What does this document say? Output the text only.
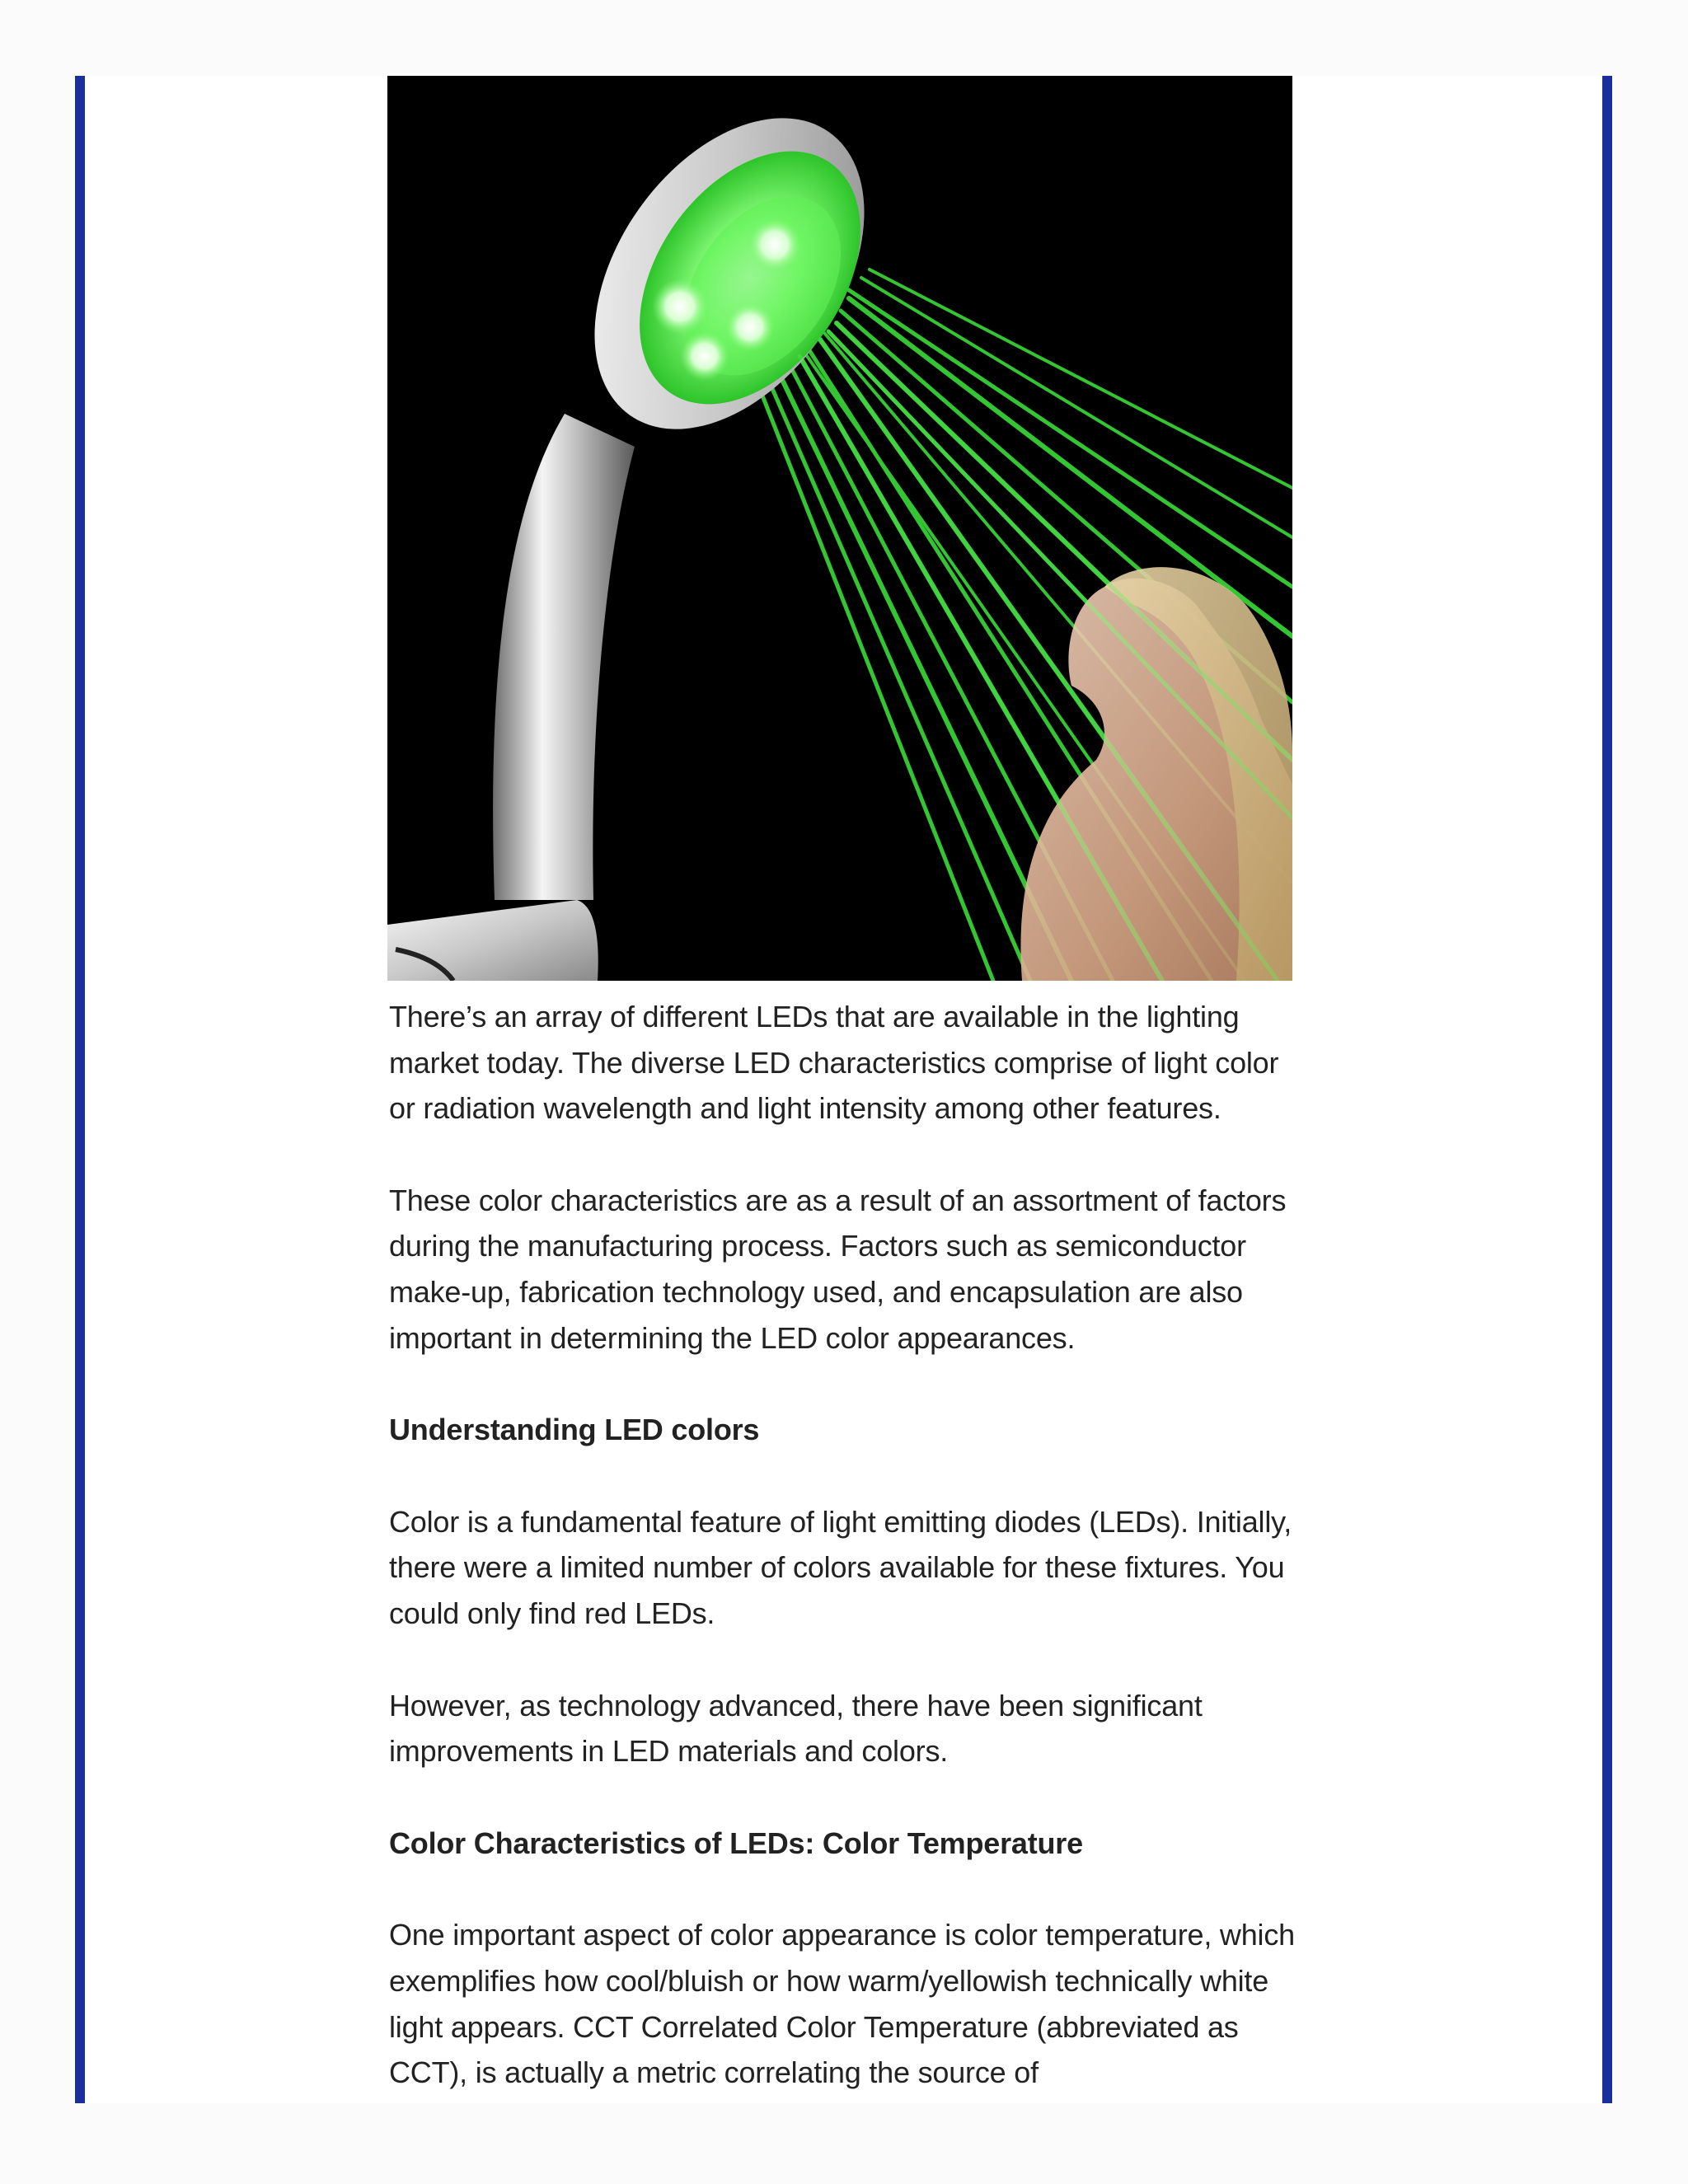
There’s an array of different LEDs that are available in the lighting market today. The diverse LED characteristics comprise of light color or radiation wavelength and light intensity among other features.

These color characteristics are as a result of an assortment of factors during the manufacturing process. Factors such as semiconductor make-up, fabrication technology used, and encapsulation are also important in determining the LED color appearances.

Understanding LED colors

Color is a fundamental feature of light emitting diodes (LEDs). Initially, there were a limited number of colors available for these fixtures. You could only find red LEDs.

However, as technology advanced, there have been significant improvements in LED materials and colors.

Color Characteristics of LEDs: Color Temperature

One important aspect of color appearance is color temperature, which exemplifies how cool/bluish or how warm/yellowish technically white light appears. CCT Correlated Color Temperature (abbreviated as CCT), is actually a metric correlating the source of
